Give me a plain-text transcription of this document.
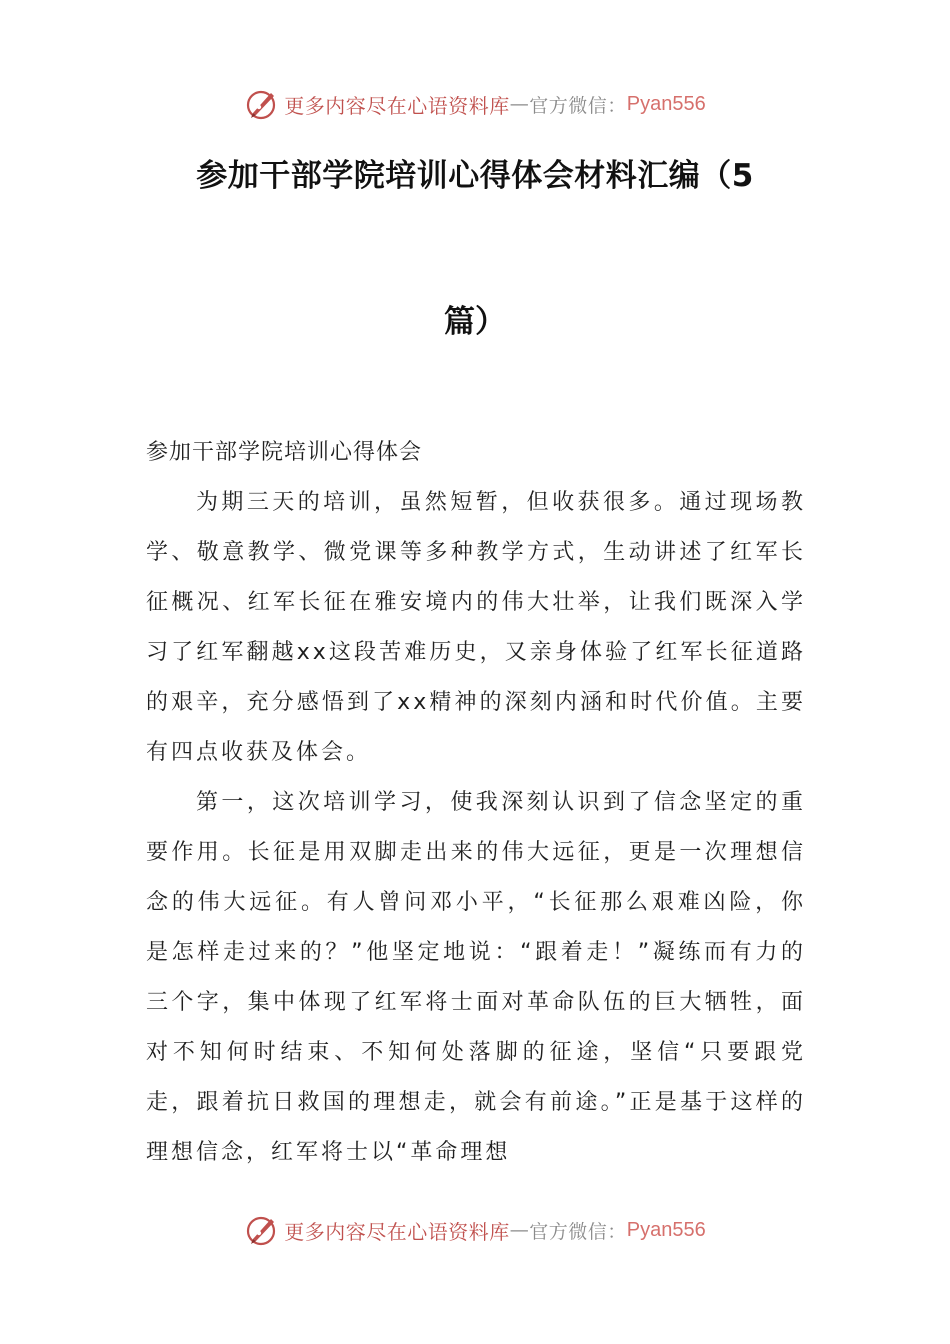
更多内容尽在心语资料库 — 官方微信： Pyan556
参加干部学院培训心得体会材料汇编（5
篇）

参加干部学院培训心得体会

为期三天的培训，虽然短暂，但收获很多。通过现场教学、敬意教学、微党课等多种教学方式，生动讲述了红军长征概况、红军长征在雅安境内的伟大壮举，让我们既深入学习了红军翻越xx这段苦难历史，又亲身体验了红军长征道路的艰辛，充分感悟到了xx精神的深刻内涵和时代价值。主要有四点收获及体会。

第一，这次培训学习，使我深刻认识到了信念坚定的重要作用。长征是用双脚走出来的伟大远征，更是一次理想信念的伟大远征。有人曾问邓小平，“长征那么艰难凶险，你是怎样走过来的？”他坚定地说：“跟着走！”凝练而有力的三个字，集中体现了红军将士面对革命队伍的巨大牺牲，面对不知何时结束、不知何处落脚的征途，坚信“只要跟党走，跟着抗日救国的理想走，就会有前途。”正是基于这样的理想信念，红军将士以“革命理想

更多内容尽在心语资料库 — 官方微信： Pyan556
